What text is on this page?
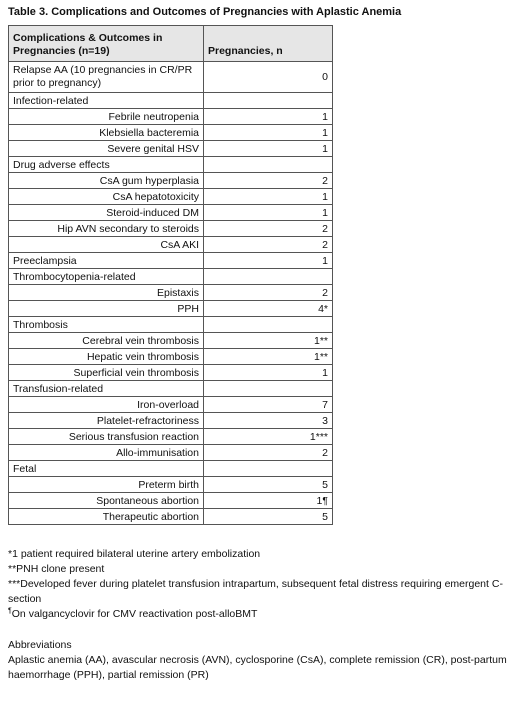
Table 3. Complications and Outcomes of Pregnancies with Aplastic Anemia
Complications & Outcomes in Pregnancies (n=19)	Pregnancies, n
Relapse AA (10 pregnancies in CR/PR prior to pregnancy)	0
Infection-related	
Febrile neutropenia	1
Klebsiella bacteremia	1
Severe genital HSV	1
Drug adverse effects	
CsA gum hyperplasia	2
CsA hepatotoxicity	1
Steroid-induced DM	1
Hip AVN secondary to steroids	2
CsA AKI	2
Preeclampsia	1
Thrombocytopenia-related	
Epistaxis	2
PPH	4*
Thrombosis	
Cerebral vein thrombosis	1**
Hepatic vein thrombosis	1**
Superficial vein thrombosis	1
Transfusion-related	
Iron-overload	7
Platelet-refractoriness	3
Serious transfusion reaction	1***
Allo-immunisation	2
Fetal	
Preterm birth	5
Spontaneous abortion	1¶
Therapeutic abortion	5

*1 patient required bilateral uterine artery embolization

**PNH clone present

***Developed fever during platelet transfusion intrapartum, subsequent fetal distress requiring emergent C-section

¶On valgancyclovir for CMV reactivation post-alloBMT

Abbreviations

Aplastic anemia (AA), avascular necrosis (AVN), cyclosporine (CsA), complete remission (CR), post-partum haemorrhage (PPH), partial remission (PR)
